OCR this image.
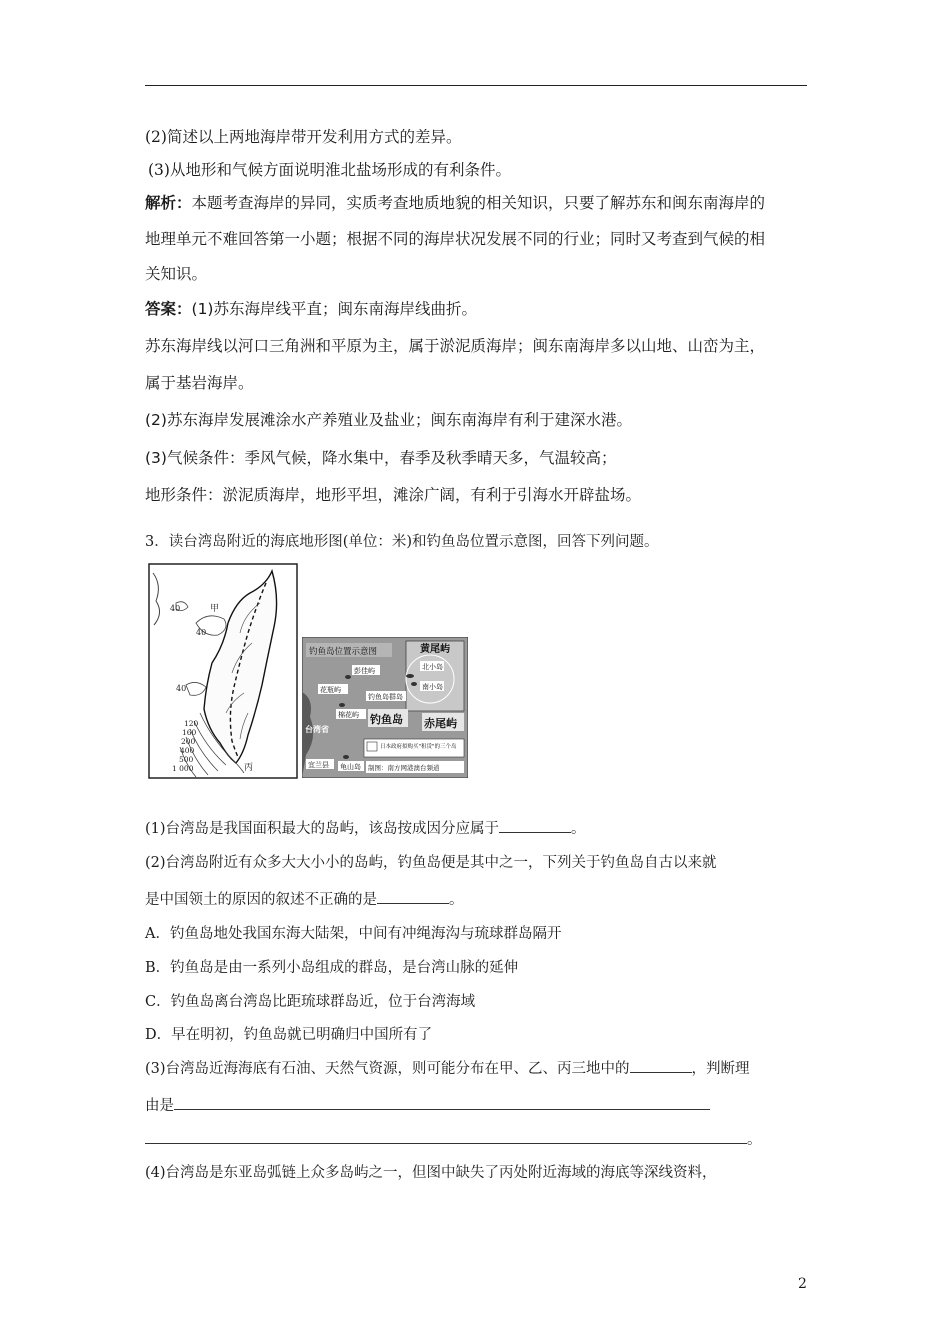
(2)简述以上两地海岸带开发利用方式的差异。
(3)从地形和气候方面说明淮北盐场形成的有利条件。
解析：本题考查海岸的异同，实质考查地质地貌的相关知识，只要了解苏东和闽东南海岸的
地理单元不难回答第一小题；根据不同的海岸状况发展不同的行业；同时又考查到气候的相
关知识。
答案：(1)苏东海岸线平直；闽东南海岸线曲折。
苏东海岸线以河口三角洲和平原为主，属于淤泥质海岸；闽东南海岸多以山地、山峦为主，
属于基岩海岸。
(2)苏东海岸发展滩涂水产养殖业及盐业；闽东南海岸有利于建深水港。
(3)气候条件：季风气候，降水集中，春季及秋季晴天多，气温较高；
地形条件：淤泥质海岸，地形平坦，滩涂广阔，有利于引海水开辟盐场。
3．读台湾岛附近的海底地形图(单位：米)和钓鱼岛位置示意图，回答下列问题。
甲
丙
40
40
40
120
160
200
400
500
1 000
钓鱼岛位置示意图	黄尾屿
北小岛
南小岛
彭佳屿
花瓶屿
钓鱼岛群岛
棉花屿 钓鱼岛 赤尾屿
台湾省
日本政府拟购买"租赁"的三个岛
宜兰县 龟山岛 制图：南方网港澳台频道
(1)台湾岛是我国面积最大的岛屿，该岛按成因分应属于	。
(2)台湾岛附近有众多大大小小的岛屿，钓鱼岛便是其中之一，下列关于钓鱼岛自古以来就
是中国领土的原因的叙述不正确的是	。
A．钓鱼岛地处我国东海大陆架，中间有冲绳海沟与琉球群岛隔开
B．钓鱼岛是由一系列小岛组成的群岛，是台湾山脉的延伸
C．钓鱼岛离台湾岛比距琉球群岛近，位于台湾海域
D．早在明初，钓鱼岛就已明确归中国所有了
(3)台湾岛近海海底有石油、天然气资源，则可能分布在甲、乙、丙三地中的	，判断理
由是
。
(4)台湾岛是东亚岛弧链上众多岛屿之一，但图中缺失了丙处附近海域的海底等深线资料，
2
